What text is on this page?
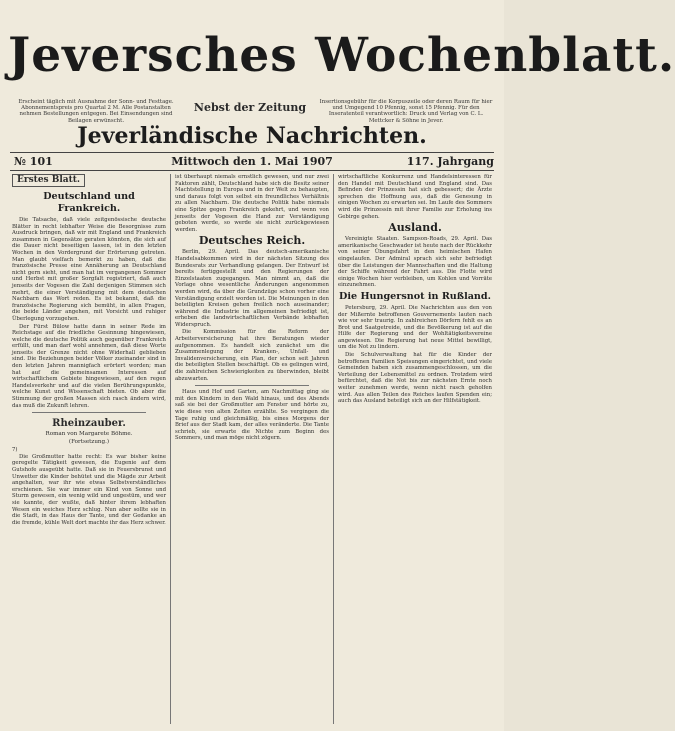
Jeversches Wochenblatt.
Erscheint täglich mit Ausnahme der Sonn- und Festtage. Abonnementspreis pro Quartal 2 M. Alle Postanstalten nehmen Bestellungen entgegen. Bei Einsendungen sind Beilagen erwünscht.
Nebst der Zeitung	Insertionsgebühr für die Korpuszeile oder deren Raum für hier und Umgegend 10 Pfennig, sonst 15 Pfennig. Für den Inseratenteil verantwortlich: Druck und Verlag von C. L. Mettcker & Söhne in Jever.
Jeverländische Nachrichten.
№ 101	Mittwoch den 1. Mai 1907	117. Jahrgang
Erstes Blatt.
Deutschland und Frankreich.

Die Tatsache, daß viele zeitgenössische deutsche Blätter in recht lebhafter Weise die Besorgnisse zum Ausdruck bringen, daß wir mit England und Frankreich zusammen in Gegensätze geraten könnten, die sich auf die Dauer nicht beseitigen lassen, ist in den letzten Wochen in den Vordergrund der Erörterung getreten. Man glaubt vielfach bemerkt zu haben, daß die französische Presse eine Annäherung an Deutschland nicht gern sieht, und man hat im vergangenen Sommer und Herbst mit großer Sorgfalt registriert, daß auch jenseits der Vogesen die Zahl derjenigen Stimmen sich mehrt, die einer Verständigung mit dem deutschen Nachbarn das Wort reden. Es ist bekannt, daß die französische Regierung sich bemüht, in allen Fragen, die beide Länder angehen, mit Vorsicht und ruhiger Überlegung vorzugehen.

Der Fürst Bülow hatte dann in seiner Rede im Reichstage auf die friedliche Gesinnung hingewiesen, welche die deutsche Politik auch gegenüber Frankreich erfüllt, und man darf wohl annehmen, daß diese Worte jenseits der Grenze nicht ohne Widerhall geblieben sind. Die Beziehungen beider Völker zueinander sind in den letzten Jahren mannigfach erörtert worden; man hat auf die gemeinsamen Interessen auf wirtschaftlichem Gebiete hingewiesen, auf den regen Handelsverkehr und auf die vielen Berührungspunkte, welche Kunst und Wissenschaft bieten. Ob aber die Stimmung der großen Massen sich rasch ändern wird, das muß die Zukunft lehren.

Rheinzauber.
Roman von Margarete Böhme.
(Fortsetzung.)
7)

Die Großmutter hatte recht: Es war bisher keine geregelte Tätigkeit gewesen, die Eugenie auf dem Gutshofe ausgeübt hatte. Daß sie in Feuersbrunst und Unwetter die Kinder behütet und die Mägde zur Arbeit angehalten, war ihr wie etwas Selbstverständliches erschienen. Sie war immer ein Kind von Sonne und Sturm gewesen, ein wenig wild und ungestüm, und wer sie kannte, der wußte, daß hinter ihrem lebhaften Wesen ein weiches Herz schlug. Nun aber sollte sie in die Stadt, in das Haus der Tante, und der Gedanke an die fremde, kühle Welt dort machte ihr das Herz schwer.

ist überhaupt niemals ernstlich gewesen, und nur zwei Faktoren zählt, Deutschland habe sich die Besitz seiner Machtstellung in Europa und in der Welt zu behaupten, und daraus folgt von selbst ein freundliches Verhältnis zu allen Nachbarn. Die deutsche Politik habe niemals eine Spitze gegen Frankreich gekehrt, und wenn von jenseits der Vogesen die Hand zur Verständigung geboten werde, so werde sie nicht zurückgewiesen werden.

Deutsches Reich.

Berlin, 29. April. Das deutsch-amerikanische Handelsabkommen wird in der nächsten Sitzung des Bundesrats zur Verhandlung gelangen. Der Entwurf ist bereits fertiggestellt und den Regierungen der Einzelstaaten zugegangen. Man nimmt an, daß die Vorlage ohne wesentliche Änderungen angenommen werden wird, da über die Grundzüge schon vorher eine Verständigung erzielt worden ist. Die Meinungen in den beteiligten Kreisen gehen freilich noch auseinander; während die Industrie im allgemeinen befriedigt ist, erheben die landwirtschaftlichen Verbände lebhaften Widerspruch.

Die Kommission für die Reform der Arbeiterversicherung hat ihre Beratungen wieder aufgenommen. Es handelt sich zunächst um die Zusammenlegung der Kranken-, Unfall- und Invalidenversicherung, ein Plan, der schon seit Jahren die beteiligten Stellen beschäftigt. Ob es gelingen wird, die zahlreichen Schwierigkeiten zu überwinden, bleibt abzuwarten.

Haus und Hof und Garten, am Nachmittag ging sie mit den Kindern in den Wald hinaus, und des Abends saß sie bei der Großmutter am Fenster und hörte zu, wie diese von alten Zeiten erzählte. So vergingen die Tage ruhig und gleichmäßig, bis eines Morgens der Brief aus der Stadt kam, der alles veränderte. Die Tante schrieb, sie erwarte die Nichte zum Beginn des Sommers, und man möge nicht zögern.

wirtschaftliche Konkurrenz und Handelsinteressen für den Handel mit Deutschland und England sind. Das Befinden der Prinzessin hat sich gebessert; die Ärzte sprechen die Hoffnung aus, daß die Genesung in einigen Wochen zu erwarten sei. Im Laufe des Sommers wird die Prinzessin mit ihrer Familie zur Erholung ins Gebirge gehen.

Ausland.

Vereinigte Staaten. Sampson-Roads, 29. April. Das amerikanische Geschwader ist heute nach der Rückkehr von seiner Übungsfahrt in den heimischen Hafen eingelaufen. Der Admiral sprach sich sehr befriedigt über die Leistungen der Mannschaften und die Haltung der Schiffe während der Fahrt aus. Die Flotte wird einige Wochen hier verbleiben, um Kohlen und Vorräte einzunehmen.

Die Hungersnot in Rußland.

Petersburg, 29. April. Die Nachrichten aus den von der Mißernte betroffenen Gouvernements lauten nach wie vor sehr traurig. In zahlreichen Dörfern fehlt es an Brot und Saatgetreide, und die Bevölkerung ist auf die Hilfe der Regierung und der Wohltätigkeitsvereine angewiesen. Die Regierung hat neue Mittel bewilligt, um die Not zu lindern.

Die Schulverwaltung hat für die Kinder der betroffenen Familien Speisungen eingerichtet, und viele Gemeinden haben sich zusammengeschlossen, um die Verteilung der Lebensmittel zu ordnen. Trotzdem wird befürchtet, daß die Not bis zur nächsten Ernte noch weiter zunehmen werde, wenn nicht rasch geholfen wird. Aus allen Teilen des Reiches laufen Spenden ein; auch das Ausland beteiligt sich an der Hilfstätigkeit.
